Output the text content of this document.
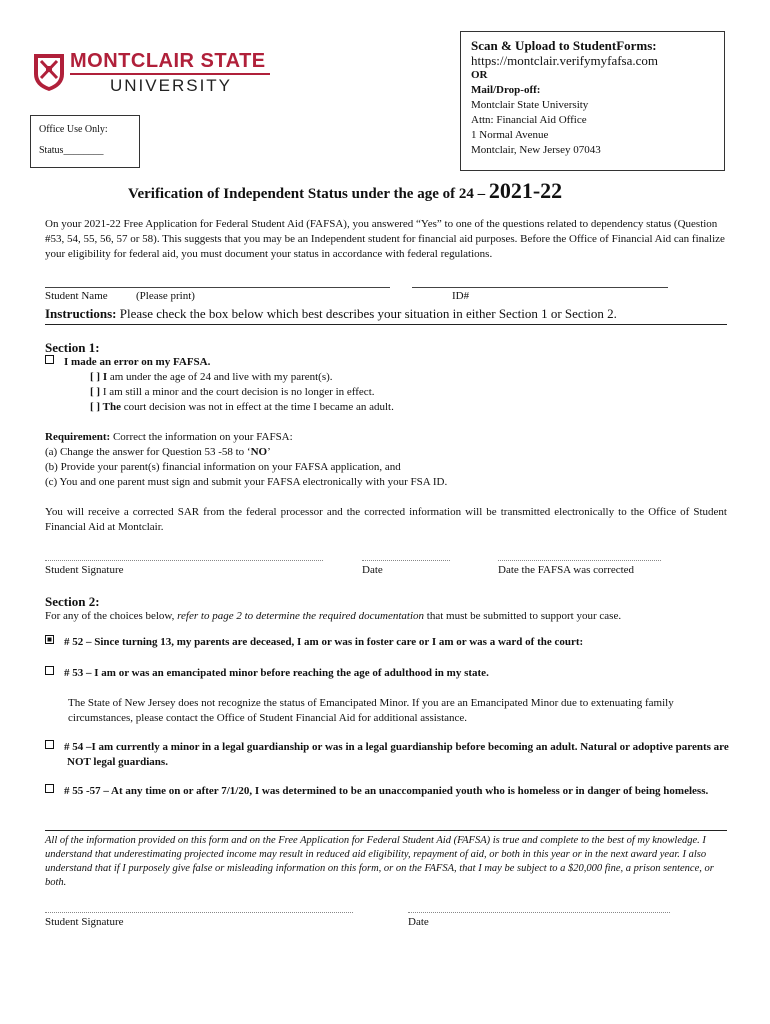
MONTCLAIR STATE
UNIVERSITY
Office Use Only:
Status________
Scan & Upload to StudentForms:
https://montclair.verifymyfafsa.com
OR
Mail/Drop-off:
Montclair State University
Attn: Financial Aid Office
1 Normal Avenue
Montclair, New Jersey 07043
Verification of Independent Status under the age of 24 – 2021-22
On your 2021-22 Free Application for Federal Student Aid (FAFSA), you answered “Yes” to one of the questions related to dependency status (Question #53, 54, 55, 56, 57 or 58). This suggests that you may be an Independent student for financial aid purposes. Before the Office of Financial Aid can finalize your eligibility for federal aid, you must document your status in accordance with federal regulations.
Student Name	(Please print)	ID#
Instructions: Please check the box below which best describes your situation in either Section 1 or Section 2.
Section 1:
I made an error on my FAFSA.
[ ] I am under the age of 24 and live with my parent(s).
[ ] I am still a minor and the court decision is no longer in effect.
[ ] The court decision was not in effect at the time I became an adult.
Requirement: Correct the information on your FAFSA:
(a) Change the answer for Question 53 -58 to ‘NO’
(b) Provide your parent(s) financial information on your FAFSA application, and
(c) You and one parent must sign and submit your FAFSA electronically with your FSA ID.
You will receive a corrected SAR from the federal processor and the corrected information will be transmitted electronically to the Office of Student Financial Aid at Montclair.
Student Signature	Date	Date the FAFSA was corrected
Section 2:
For any of the choices below, refer to page 2 to determine the required documentation that must be submitted to support your case.
# 52 – Since turning 13, my parents are deceased, I am or was in foster care or I am or was a ward of the court:
# 53 – I am or was an emancipated minor before reaching the age of adulthood in my state.
The State of New Jersey does not recognize the status of Emancipated Minor. If you are an Emancipated Minor due to extenuating family circumstances, please contact the Office of Student Financial Aid for additional assistance.
# 54 –I am currently a minor in a legal guardianship or was in a legal guardianship before becoming an adult. Natural or adoptive parents are NOT legal guardians.
# 55 -57 – At any time on or after 7/1/20, I was determined to be an unaccompanied youth who is homeless or in danger of being homeless.
All of the information provided on this form and on the Free Application for Federal Student Aid (FAFSA) is true and complete to the best of my knowledge. I understand that underestimating projected income may result in reduced aid eligibility, repayment of aid, or both in this year or in the next award year. I also understand that if I purposely give false or misleading information on this form, or on the FAFSA, that I may be subject to a $20,000 fine, a prison sentence, or both.
Student Signature	Date
